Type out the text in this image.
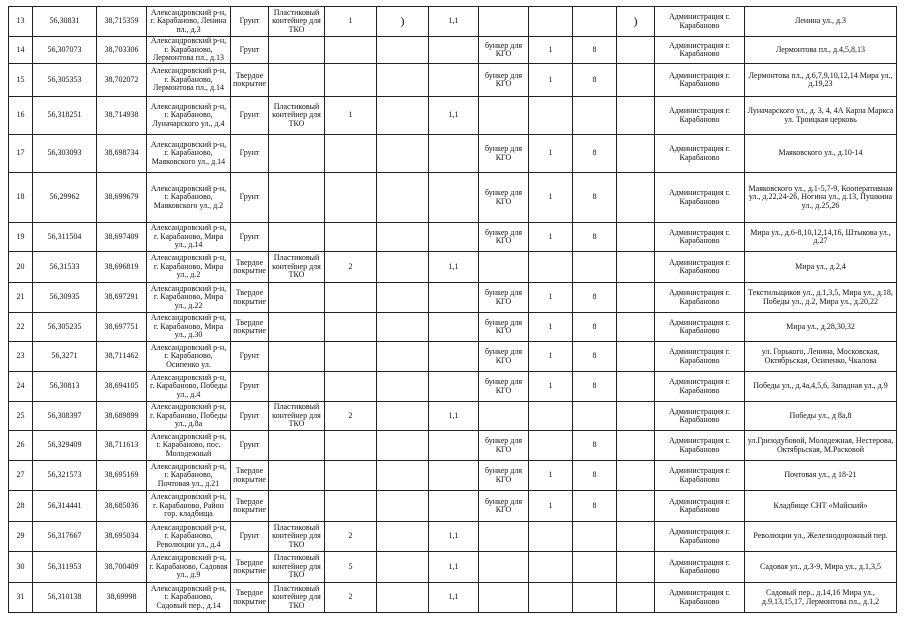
13	56,30831	38,715359	Александровский р-н, г. Карабаново, Ленина пл., д.3	Грунт	Пластиковый контейнер для ТКО	1	)	1,1				)	Администрация г. Карабаново	Ленина ул., д.3
14	56,307073	38,703306	Александровский р-н, г. Карабаново, Лермонтова пл., д.13	Грунт					бункер для КГО	1	8		Администрация г. Карабаново	Лермонтова пл., д.4,5,8,13
15	56,305353	38,702072	Александровский р-н, г. Карабаново, Лермонтова пл., д.14	Твердое покрытие					бункер для КГО	1	8		Администрация г. Карабаново	Лермонтова пл., д.6,7,9,10,12,14 Мира ул., д.19,23
16	56,318251	38,714938	Александровский р-н, г. Карабаново, Луначарского ул., д.4	Грунт	Пластиковый контейнер для ТКО	1		1,1					Администрация г. Карабаново	Луначарского ул., д. 3, 4, 4А Карла Маркса ул. Троицкая церковь
17	56,303093	38,698734	Александровский р-н, г. Карабаново, Маяковского ул., д.14	Грунт					бункер для КГО	1	8		Администрация г. Карабаново	Маяковского ул., д.10-14
18	56,29962	38,699679	Александровский р-н, г. Карабаново, Маяковского ул., д.2	Грунт					бункер для КГО	1	8		Администрация г. Карабаново	Маяковского ул., д.1-5,7-9, Кооперативная ул., д.22,24-26, Ногина ул., д.13, Пушкина ул., д.25,26
19	56,311504	38,697409	Александровский р-н, г. Карабаново, Мира ул., д.14	Грунт					бункер для КГО	1	8		Администрация г. Карабаново	Мира ул., д.6-8,10,12,14,16, Штыкова ул., д.27
20	56,31533	38,696819	Александровский р-н, г. Карабаново, Мира ул., д.2	Твердое покрытие	Пластиковый контейнер для ТКО	2		1,1					Администрация г. Карабаново	Мира ул., д.2,4
21	56,30935	38,697291	Александровский р-н, г. Карабаново, Мира ул., д.22	Твердое покрытие					бункер для КГО	1	8		Администрация г. Карабаново	Текстильщиков ул., д.1,3,5, Мира ул., д.18, Победы ул., д.2, Мира ул., д.20,22
22	56,305235	38,697751	Александровский р-н, г. Карабаново, Мира ул., д.30	Твердое покрытие					бункер для КГО	1	8		Администрация г. Карабаново	Мира ул., д.28,30,32
23	56,3271	38,711462	Александровский р-н, г. Карабаново, Осипенко ул.	Грунт					бункер для КГО	1	8		Администрация г. Карабаново	ул. Горького, Ленина, Московская, Октябрьская, Осипенко, Чкалова
24	56,30813	38,694105	Александровский р-н, г. Карабаново, Победы ул., д.4	Грунт					бункер для КГО	1	8		Администрация г. Карабаново	Победы ул., д.4а,4,5,6, Западная ул., д.9
25	56,308397	38,689899	Александровский р-н, г. Карабаново, Победы ул., д.8а	Грунт	Пластиковый контейнер для ТКО	2		1,1					Администрация г. Карабаново	Победы ул., д 8а,8
26	56,329409	38,711613	Александровский р-н, г. Карабаново, пос. Молодежный	Грунт					бункер для КГО		8		Администрация г. Карабаново	ул.Гризодубовой, Молодежная, Нестерова, Октябрьская, М.Расковой
27	56,321573	38,695169	Александровский р-н, г. Карабаново, Почтовая ул., д.21	Твердое покрытие					бункер для КГО	1	8		Администрация г. Карабаново	Почтовая ул., д 18-21
28	56,314441	38,685036	Александровский р-н, г. Карабаново, Район гор. кладбища	Твердое покрытие					бункер для КГО	1	8		Администрация г. Карабаново	Кладбище СНТ «Майский»
29	56,317667	38,695034	Александровский р-н, г. Карабаново, Революции ул., д.4	Грунт	Пластиковый контейнер для ТКО	2		1,1					Администрация г. Карабаново	Революции ул., Железнодорожный пер.
30	56,311953	38,700409	Александровский р-н, г. Карабаново, Садовая ул., д.9	Твердое покрытие	Пластиковый контейнер для ТКО	5		1,1					Администрация г. Карабаново	Садовая ул., д.3-9, Мира ул., д.1,3,5
31	56,310138	38,69998	Александровский р-н, г. Карабаново, Садовый пер., д.14	Твердое покрытие	Пластиковый контейнер для ТКО	2		1,1					Администрация г. Карабаново	Садовый пер., д.14,16 Мира ул., д.9,13,15,17, Лермонтова пл., д.1,2
